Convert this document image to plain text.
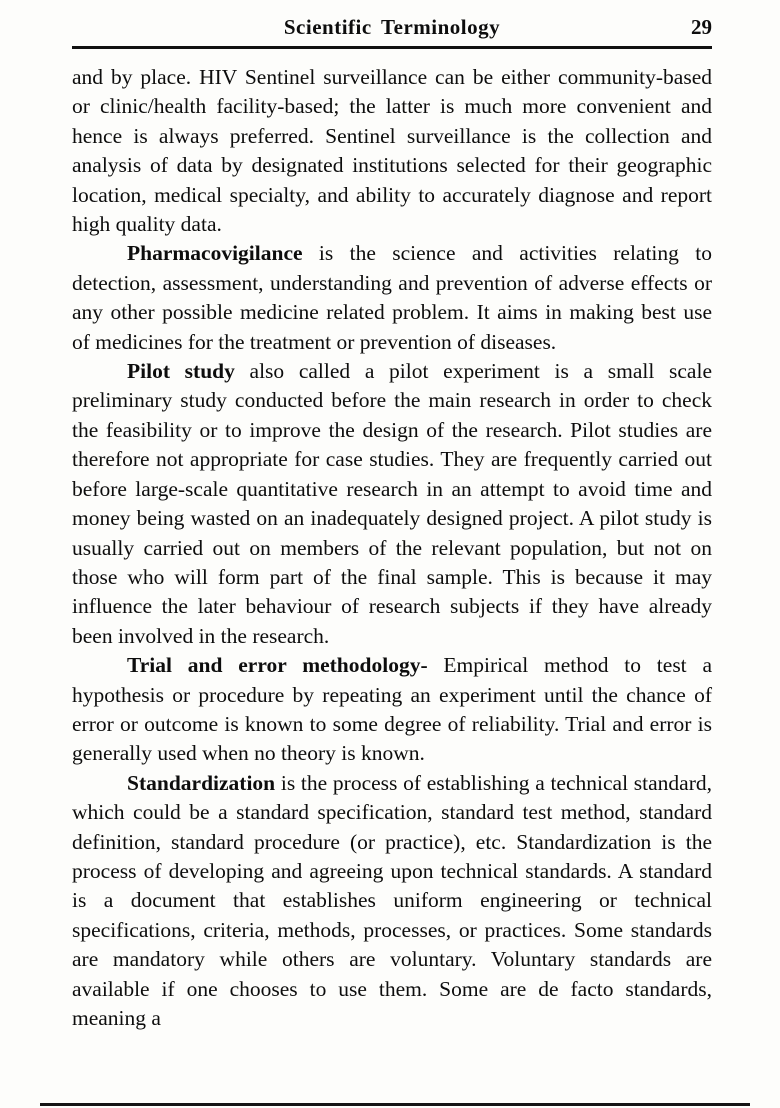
Scientific Terminology	29

and by place. HIV Sentinel surveillance can be either community-based or clinic/health facility-based; the latter is much more convenient and hence is always preferred. Sentinel surveillance is the collection and analysis of data by designated institutions selected for their geographic location, medical specialty, and ability to accurately diagnose and report high quality data.

Pharmacovigilance is the science and activities relating to detection, assessment, understanding and prevention of adverse effects or any other possible medicine related problem. It aims in making best use of medicines for the treatment or prevention of diseases.

Pilot study also called a pilot experiment is a small scale preliminary study conducted before the main research in order to check the feasibility or to improve the design of the research. Pilot studies are therefore not appropriate for case studies. They are frequently carried out before large-scale quantitative research in an attempt to avoid time and money being wasted on an inadequately designed project. A pilot study is usually carried out on members of the relevant population, but not on those who will form part of the final sample. This is because it may influence the later behaviour of research subjects if they have already been involved in the research.

Trial and error methodology- Empirical method to test a hypothesis or procedure by repeating an experiment until the chance of error or outcome is known to some degree of reliability. Trial and error is generally used when no theory is known.

Standardization is the process of establishing a technical standard, which could be a standard specification, standard test method, standard definition, standard procedure (or practice), etc. Standardization is the process of developing and agreeing upon technical standards. A standard is a document that establishes uniform engineering or technical specifications, criteria, methods, processes, or practices. Some standards are mandatory while others are voluntary. Voluntary standards are available if one chooses to use them. Some are de facto standards, meaning a
